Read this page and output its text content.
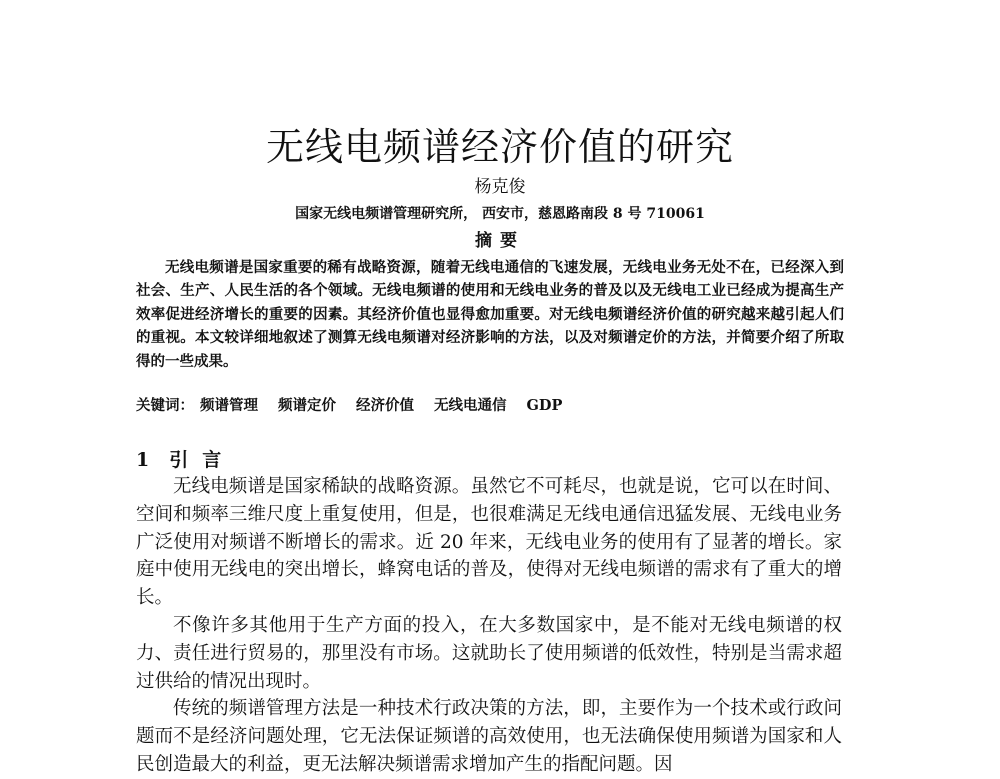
无线电频谱经济价值的研究
杨克俊
国家无线电频谱管理研究所， 西安市，慈恩路南段 8 号 710061
摘要
无线电频谱是国家重要的稀有战略资源，随着无线电通信的飞速发展，无线电业务无处不在，已经深入到社会、生产、人民生活的各个领域。无线电频谱的使用和无线电业务的普及以及无线电工业已经成为提高生产效率促进经济增长的重要的因素。其经济价值也显得愈加重要。对无线电频谱经济价值的研究越来越引起人们的重视。本文较详细地叙述了测算无线电频谱对经济影响的方法，以及对频谱定价的方法，并简要介绍了所取得的一些成果。
关键词： 频谱管理 频谱定价 经济价值 无线电通信 GDP
1 引言

无线电频谱是国家稀缺的战略资源。虽然它不可耗尽，也就是说，它可以在时间、空间和频率三维尺度上重复使用，但是，也很难满足无线电通信迅猛发展、无线电业务广泛使用对频谱不断增长的需求。近 20 年来，无线电业务的使用有了显著的增长。家庭中使用无线电的突出增长，蜂窝电话的普及，使得对无线电频谱的需求有了重大的增长。

不像许多其他用于生产方面的投入，在大多数国家中，是不能对无线电频谱的权力、责任进行贸易的，那里没有市场。这就助长了使用频谱的低效性，特别是当需求超过供给的情况出现时。

传统的频谱管理方法是一种技术行政决策的方法，即，主要作为一个技术或行政问题而不是经济问题处理，它无法保证频谱的高效使用，也无法确保使用频谱为国家和人民创造最大的利益，更无法解决频谱需求增加产生的指配问题。因
